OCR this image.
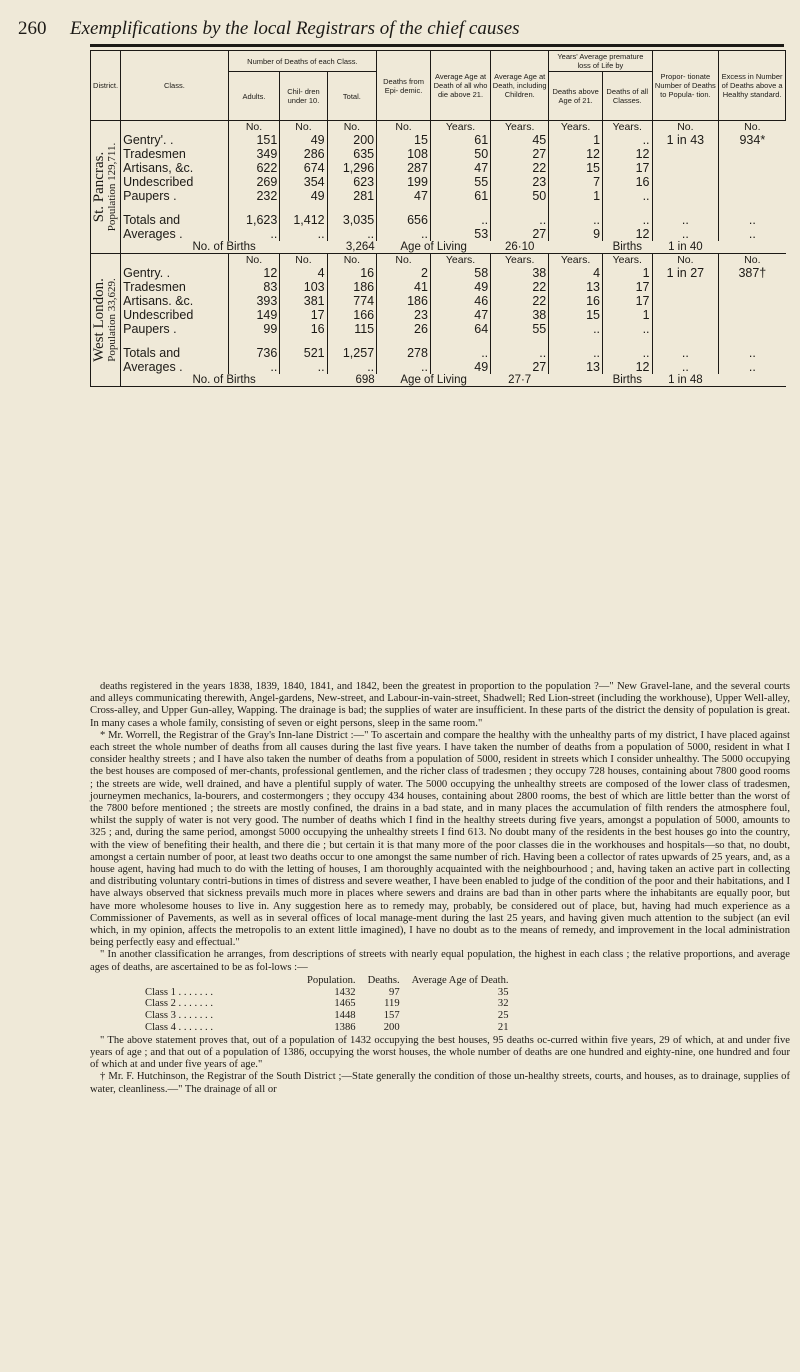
260 Exemplifications by the local Registrars of the chief causes
District.	Class.	Number of Deaths of each Class.			Deaths from Epi- demic.	Average Age at Death of all who die above 21.	Average Age at Death, including Children.	Years' Average premature loss of Life by		Propor- tionate Number of Deaths to Popula- tion.	Excess in Number of Deaths above a Healthy standard.
		Adults.	Chil- dren under 10.	Total.				Deaths above Age of 21.	Deaths of all Classes.		

St. Pancras. Population 129,711.		No.	No.	No.	No.	Years.	Years.	Years.	Years.	No.	No.
	Gentry'. .	151	49	200	15	61	45	1	..	1 in 43	934*
	Tradesmen	349	286	635	108	50	27	12	12		
	Artisans, &c.	622	674	1,296	287	47	22	15	17		
	Undescribed	269	354	623	199	55	23	7	16		
	Paupers .	232	49	281	47	61	50	1	..		

	Totals and	1,623	1,412	3,035	656	..	..	..	..	..	..
	Averages .	..	..	..	..	53	27	9	12	..	..
	No. of Births			3,264	Age of Living		26·10		Births	1 in 40	

West London. Population 33,629.		No.	No.	No.	No.	Years.	Years.	Years.	Years.	No.	No.
	Gentry. .	12	4	16	2	58	38	4	1	1 in 27	387†
	Tradesmen	83	103	186	41	49	22	13	17		
	Artisans. &c.	393	381	774	186	46	22	16	17		
	Undescribed	149	17	166	23	47	38	15	1		
	Paupers .	99	16	115	26	64	55	..	..		

	Totals and	736	521	1,257	278	..	..	..	..	..	..
	Averages .	..	..	..	..	49	27	13	12	..	..
	No. of Births			698	Age of Living		27·7		Births	1 in 48	

deaths registered in the years 1838, 1839, 1840, 1841, and 1842, been the greatest in proportion to the population ?—" New Gravel-lane, and the several courts and alleys communicating therewith, Angel-gardens, New-street, and Labour-in-vain-street, Shadwell; Red Lion-street (including the workhouse), Upper Well-alley, Cross-alley, and Upper Gun-alley, Wapping. The drainage is bad; the supplies of water are insufficient. In these parts of the district the density of population is great. In many cases a whole family, consisting of seven or eight persons, sleep in the same room."

* Mr. Worrell, the Registrar of the Gray's Inn-lane District :—" To ascertain and compare the healthy with the unhealthy parts of my district, I have placed against each street the whole number of deaths from all causes during the last five years. I have taken the number of deaths from a population of 5000, resident in what I consider healthy streets ; and I have also taken the number of deaths from a population of 5000, resident in streets which I consider unhealthy. The 5000 occupying the best houses are composed of mer-chants, professional gentlemen, and the richer class of tradesmen ; they occupy 728 houses, containing about 7800 good rooms ; the streets are wide, well drained, and have a plentiful supply of water. The 5000 occupying the unhealthy streets are composed of the lower class of tradesmen, journeymen mechanics, la-bourers, and costermongers ; they occupy 434 houses, containing about 2800 rooms, the best of which are little better than the worst of the 7800 before mentioned ; the streets are mostly confined, the drains in a bad state, and in many places the accumulation of filth renders the atmosphere foul, whilst the supply of water is not very good. The number of deaths which I find in the healthy streets during five years, amongst a population of 5000, amounts to 325 ; and, during the same period, amongst 5000 occupying the unhealthy streets I find 613. No doubt many of the residents in the best houses go into the country, with the view of benefiting their health, and there die ; but certain it is that many more of the poor classes die in the workhouses and hospitals—so that, no doubt, amongst a certain number of poor, at least two deaths occur to one amongst the same number of rich. Having been a collector of rates upwards of 25 years, and, as a house agent, having had much to do with the letting of houses, I am thoroughly acquainted with the neighbourhood ; and, having taken an active part in collecting and distributing voluntary contri-butions in times of distress and severe weather, I have been enabled to judge of the condition of the poor and their habitations, and I have always observed that sickness prevails much more in places where sewers and drains are bad than in other parts where the inhabitants are equally poor, but have more wholesome houses to live in. Any suggestion here as to remedy may, probably, be considered out of place, but, having had much experience as a Commissioner of Pavements, as well as in several offices of local manage-ment during the last 25 years, and having given much attention to the subject (an evil which, in my opinion, affects the metropolis to an extent little imagined), I have no doubt as to the means of remedy, and improvement in the local administration being perfectly easy and effectual."

" In another classification he arranges, from descriptions of streets with nearly equal population, the highest in each class ; the relative proportions, and average ages of deaths, are ascertained to be as fol-lows :—

	Population.	Deaths.	Average Age of Death.
Class 1 . . . . . . .	1432	97	35
Class 2 . . . . . . .	1465	119	32
Class 3 . . . . . . .	1448	157	25
Class 4 . . . . . . .	1386	200	21

" The above statement proves that, out of a population of 1432 occupying the best houses, 95 deaths oc-curred within five years, 29 of which, at and under five years of age ; and that out of a population of 1386, occupying the worst houses, the whole number of deaths are one hundred and eighty-nine, one hundred and four of which at and under five years of age."

† Mr. F. Hutchinson, the Registrar of the South District ;—State generally the condition of those un-healthy streets, courts, and houses, as to drainage, supplies of water, cleanliness.—" The drainage of all or
